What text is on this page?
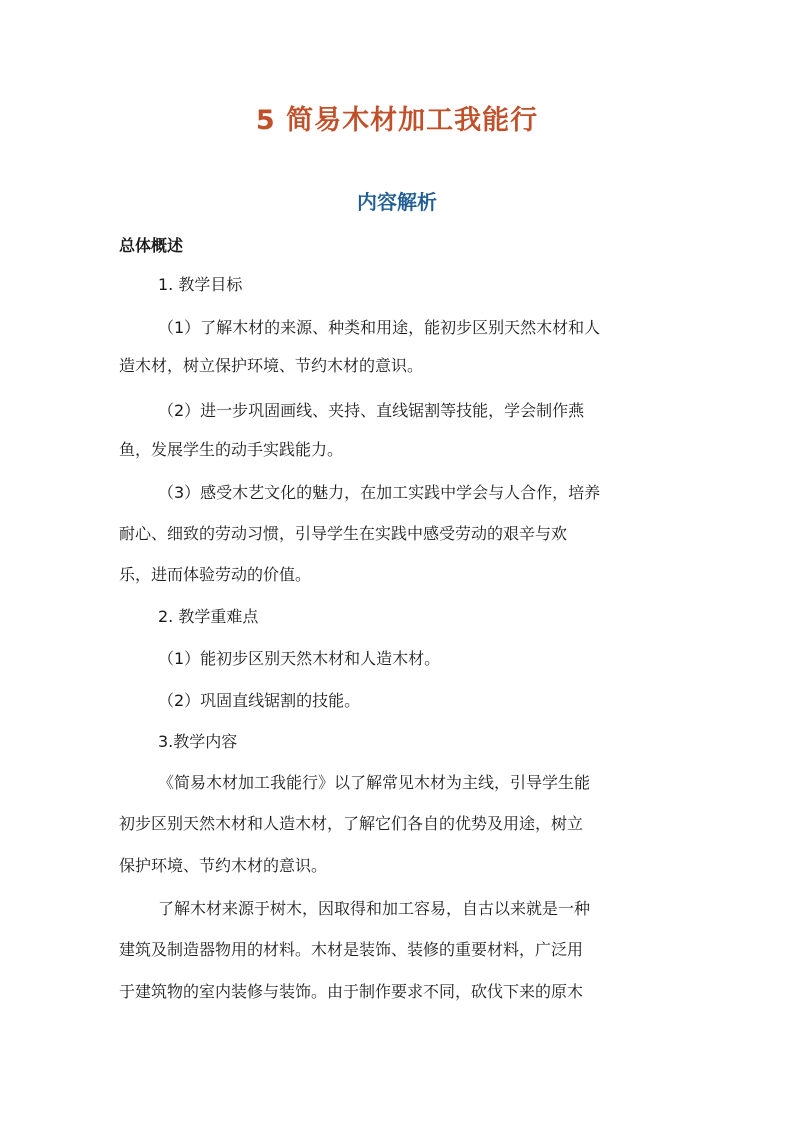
5 简易木材加工我能行
内容解析
总体概述
1. 教学目标
（1）了解木材的来源、种类和用途，能初步区别天然木材和人
造木材，树立保护环境、节约木材的意识。
（2）进一步巩固画线、夹持、直线锯割等技能，学会制作燕
鱼，发展学生的动手实践能力。
（3）感受木艺文化的魅力，在加工实践中学会与人合作，培养
耐心、细致的劳动习惯，引导学生在实践中感受劳动的艰辛与欢
乐，进而体验劳动的价值。
2. 教学重难点
（1）能初步区别天然木材和人造木材。
（2）巩固直线锯割的技能。
3.教学内容
《简易木材加工我能行》以了解常见木材为主线，引导学生能
初步区别天然木材和人造木材，了解它们各自的优势及用途，树立
保护环境、节约木材的意识。
了解木材来源于树木，因取得和加工容易，自古以来就是一种
建筑及制造器物用的材料。木材是装饰、装修的重要材料，广泛用
于建筑物的室内装修与装饰。由于制作要求不同，砍伐下来的原木
